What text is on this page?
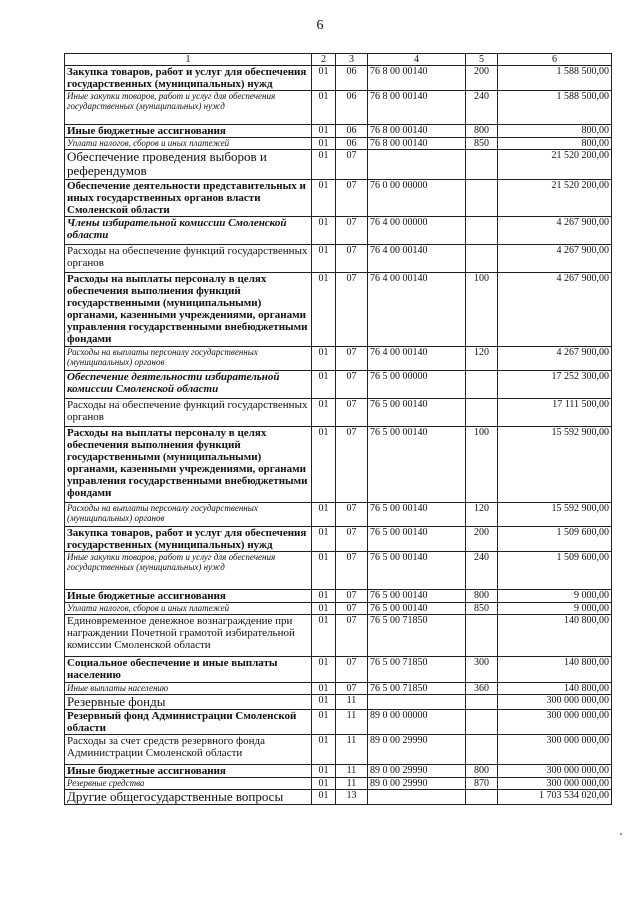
6
1	2	3	4	5	6
Закупка товаров, работ и услуг для обеспечения государственных (муниципальных) нужд	01	06	76 8 00 00140	200	1 588 500,00
Иные закупки товаров, работ и услуг для обеспечения государственных (муниципальных) нужд	01	06	76 8 00 00140	240	1 588 500,00
Иные бюджетные ассигнования	01	06	76 8 00 00140	800	800,00
Уплата налогов, сборов и иных платежей	01	06	76 8 00 00140	850	800,00
Обеспечение проведения выборов и референдумов	01	07			21 520 200,00
Обеспечение деятельности представительных и иных государственных органов власти Смоленской области	01	07	76 0 00 00000		21 520 200,00
Члены избирательной комиссии Смоленской области	01	07	76 4 00 00000		4 267 900,00
Расходы на обеспечение функций государственных органов	01	07	76 4 00 00140		4 267 900,00
Расходы на выплаты персоналу в целях обеспечения выполнения функций государственными (муниципальными) органами, казенными учреждениями, органами управления государственными внебюджетными фондами	01	07	76 4 00 00140	100	4 267 900,00
Расходы на выплаты персоналу государственных (муниципальных) органов	01	07	76 4 00 00140	120	4 267 900,00
Обеспечение деятельности избирательной комиссии Смоленской области	01	07	76 5 00 00000		17 252 300,00
Расходы на обеспечение функций государственных органов	01	07	76 5 00 00140		17 111 500,00
Расходы на выплаты персоналу в целях обеспечения выполнения функций государственными (муниципальными) органами, казенными учреждениями, органами управления государственными внебюджетными фондами	01	07	76 5 00 00140	100	15 592 900,00
Расходы на выплаты персоналу государственных (муниципальных) органов	01	07	76 5 00 00140	120	15 592 900,00
Закупка товаров, работ и услуг для обеспечения государственных (муниципальных) нужд	01	07	76 5 00 00140	200	1 509 600,00
Иные закупки товаров, работ и услуг для обеспечения государственных (муниципальных) нужд	01	07	76 5 00 00140	240	1 509 600,00
Иные бюджетные ассигнования	01	07	76 5 00 00140	800	9 000,00
Уплата налогов, сборов и иных платежей	01	07	76 5 00 00140	850	9 000,00
Единовременное денежное вознаграждение при награждении Почетной грамотой избирательной комиссии Смоленской области	01	07	76 5 00 71850		140 800,00
Социальное обеспечение и иные выплаты населению	01	07	76 5 00 71850	300	140 800,00
Иные выплаты населению	01	07	76 5 00 71850	360	140 800,00
Резервные фонды	01	11			300 000 000,00
Резервный фонд Администрации Смоленской области	01	11	89 0 00 00000		300 000 000,00
Расходы за счет средств резервного фонда Администрации Смоленской области	01	11	89 0 00 29990		300 000 000,00
Иные бюджетные ассигнования	01	11	89 0 00 29990	800	300 000 000,00
Резервные средства	01	11	89 0 00 29990	870	300 000 000,00
Другие общегосударственные вопросы	01	13			1 703 534 020,00
